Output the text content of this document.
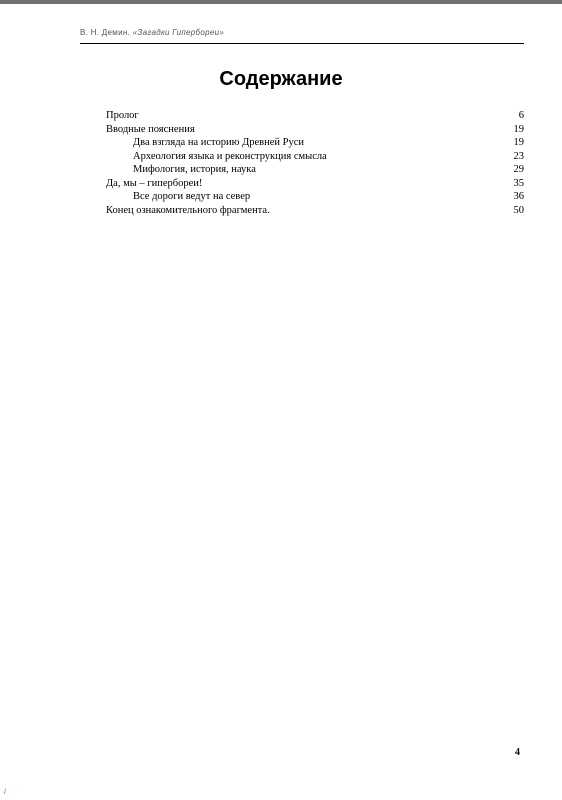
В. Н. Демин. «Загадки Гипербореи»
Содержание
Пролог	6
Вводные пояснения	19
Два взгляда на историю Древней Руси	19
Археология языка и реконструкция смысла	23
Мифология, история, наука	29
Да, мы – гипербореи!	35
Все дороги ведут на север	36
Конец ознакомительного фрагмента.	50
4
/
